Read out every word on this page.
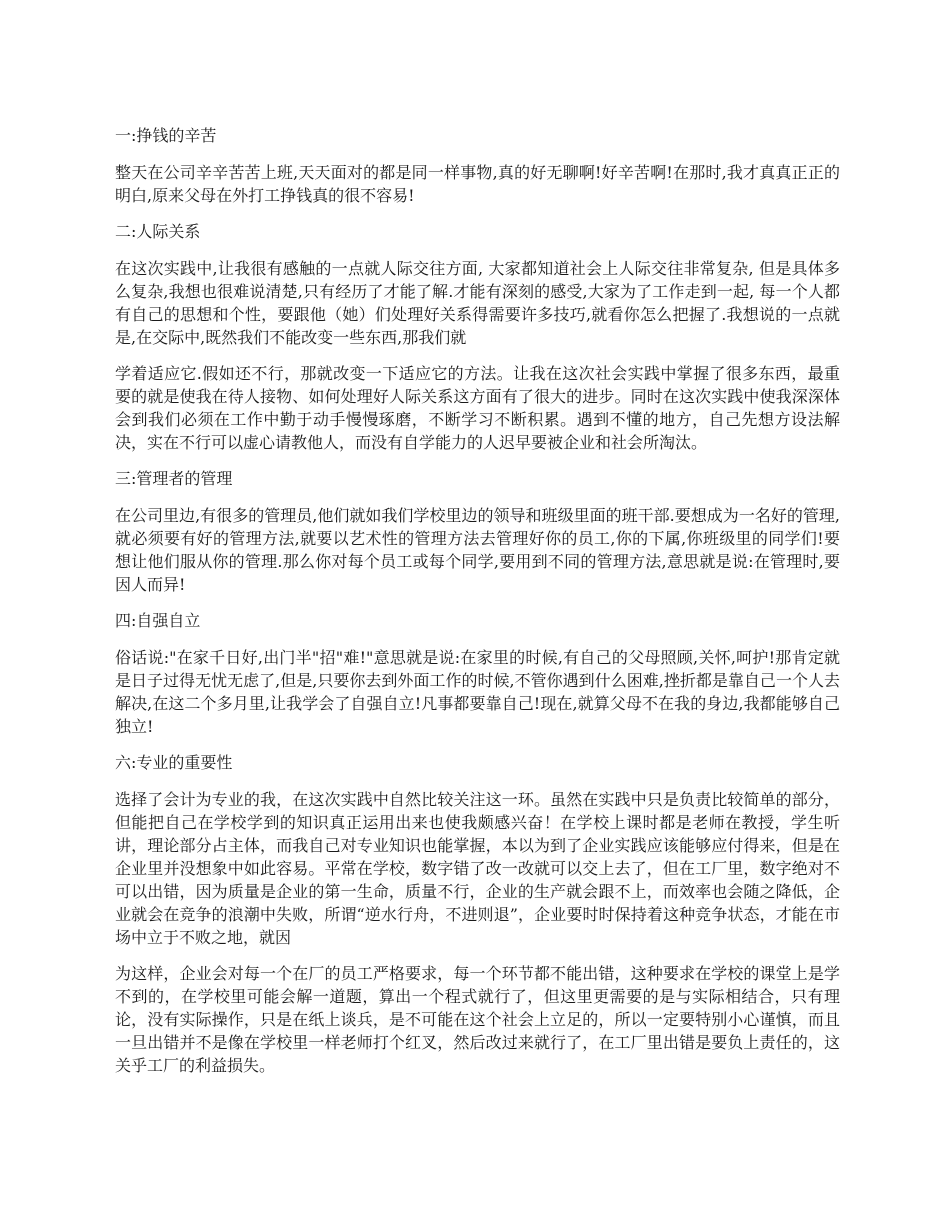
一:挣钱的辛苦

整天在公司辛辛苦苦上班,天天面对的都是同一样事物,真的好无聊啊!好辛苦啊!在那时,我才真真正正的明白,原来父母在外打工挣钱真的很不容易!

二:人际关系

在这次实践中,让我很有感触的一点就人际交往方面, 大家都知道社会上人际交往非常复杂, 但是具体多么复杂,我想也很难说清楚,只有经历了才能了解.才能有深刻的感受,大家为了工作走到一起, 每一个人都有自己的思想和个性，要跟他（她）们处理好关系得需要许多技巧,就看你怎么把握了.我想说的一点就是,在交际中,既然我们不能改变一些东西,那我们就

学着适应它.假如还不行，那就改变一下适应它的方法。让我在这次社会实践中掌握了很多东西，最重要的就是使我在待人接物、如何处理好人际关系这方面有了很大的进步。同时在这次实践中使我深深体会到我们必须在工作中勤于动手慢慢琢磨，不断学习不断积累。遇到不懂的地方，自己先想方设法解决，实在不行可以虚心请教他人，而没有自学能力的人迟早要被企业和社会所淘汰。

三:管理者的管理

在公司里边,有很多的管理员,他们就如我们学校里边的领导和班级里面的班干部.要想成为一名好的管理,就必须要有好的管理方法,就要以艺术性的管理方法去管理好你的员工,你的下属,你班级里的同学们!要想让他们服从你的管理.那么你对每个员工或每个同学,要用到不同的管理方法,意思就是说:在管理时,要因人而异!

四:自强自立

俗话说:"在家千日好,出门半"招"难!"意思就是说:在家里的时候,有自己的父母照顾,关怀,呵护!那肯定就是日子过得无忧无虑了,但是,只要你去到外面工作的时候,不管你遇到什么困难,挫折都是靠自己一个人去解决,在这二个多月里,让我学会了自强自立!凡事都要靠自己!现在,就算父母不在我的身边,我都能够自己独立!

六:专业的重要性

选择了会计为专业的我，在这次实践中自然比较关注这一环。虽然在实践中只是负责比较简单的部分，但能把自己在学校学到的知识真正运用出来也使我颇感兴奋！在学校上课时都是老师在教授，学生听讲，理论部分占主体，而我自己对专业知识也能掌握，本以为到了企业实践应该能够应付得来，但是在企业里并没想象中如此容易。平常在学校，数字错了改一改就可以交上去了，但在工厂里，数字绝对不可以出错，因为质量是企业的第一生命，质量不行，企业的生产就会跟不上，而效率也会随之降低，企业就会在竞争的浪潮中失败，所谓“逆水行舟，不进则退”，企业要时时保持着这种竞争状态，才能在市场中立于不败之地，就因

为这样，企业会对每一个在厂的员工严格要求，每一个环节都不能出错，这种要求在学校的课堂上是学不到的，在学校里可能会解一道题，算出一个程式就行了，但这里更需要的是与实际相结合，只有理论，没有实际操作，只是在纸上谈兵，是不可能在这个社会上立足的，所以一定要特别小心谨慎，而且一旦出错并不是像在学校里一样老师打个红叉，然后改过来就行了，在工厂里出错是要负上责任的，这关乎工厂的利益损失。
